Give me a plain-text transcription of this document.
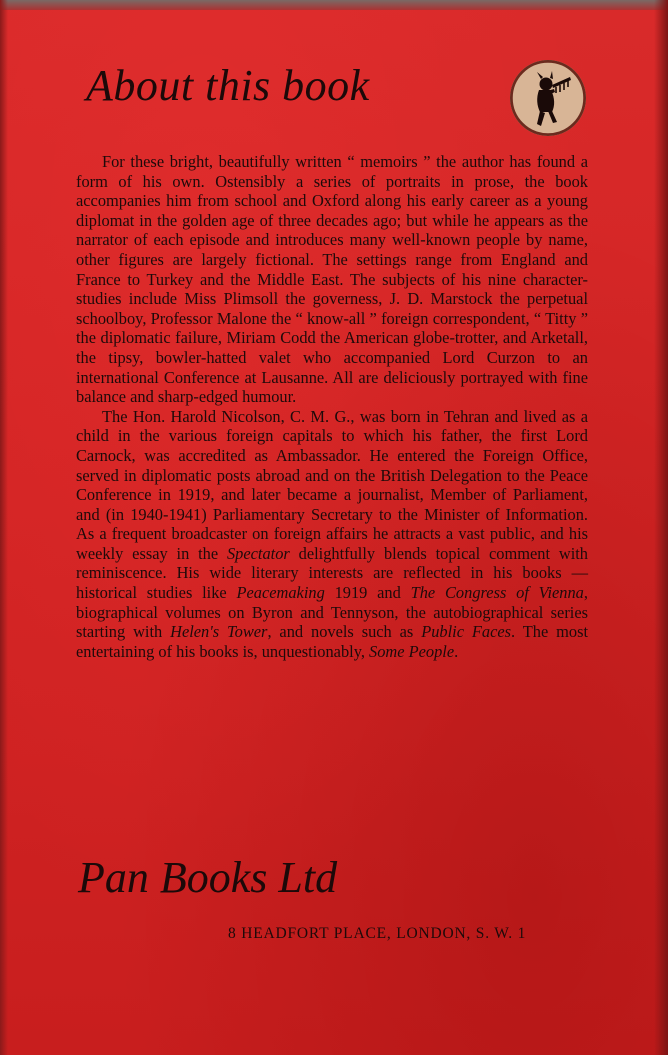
About this book

For these bright, beautifully written “ memoirs ” the author has found a form of his own. Ostensibly a series of portraits in prose, the book accompanies him from school and Oxford along his early career as a young diplomat in the golden age of three decades ago; but while he appears as the narrator of each episode and introduces many well-known people by name, other figures are largely fictional. The settings range from England and France to Turkey and the Middle East. The subjects of his nine character-studies include Miss Plimsoll the governess, J. D. Marstock the perpetual schoolboy, Professor Malone the “ know-all ” foreign correspondent, “ Titty ” the diplomatic failure, Miriam Codd the American globe-trotter, and Arketall, the tipsy, bowler-hatted valet who accompanied Lord Curzon to an international Conference at Lausanne. All are deliciously portrayed with fine balance and sharp-edged humour.

The Hon. Harold Nicolson, C. M. G., was born in Tehran and lived as a child in the various foreign capitals to which his father, the first Lord Carnock, was accredited as Ambassador. He entered the Foreign Office, served in diplomatic posts abroad and on the British Delegation to the Peace Conference in 1919, and later became a journalist, Member of Parliament, and (in 1940-1941) Parliamentary Secretary to the Minister of Information. As a frequent broadcaster on foreign affairs he attracts a vast public, and his weekly essay in the Spectator delightfully blends topical comment with reminiscence. His wide literary interests are reflected in his books — historical studies like Peacemaking 1919 and The Congress of Vienna, biographical volumes on Byron and Tennyson, the autobiographical series starting with Helen's Tower, and novels such as Public Faces. The most entertaining of his books is, unquestionably, Some People.

Pan Books Ltd
8 HEADFORT PLACE, LONDON, S. W. 1
